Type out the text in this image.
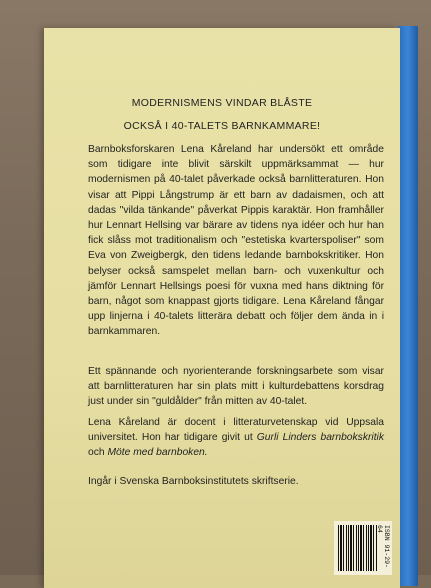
MODERNISMENS VINDAR BLÅSTE
OCKSÅ I 40-TALETS BARNKAMMARE!

Barnboksforskaren Lena Kåreland har undersökt ett område som tidigare inte blivit särskilt uppmärksammat — hur modernismen på 40-talet påverkade också barnlitteraturen. Hon visar att Pippi Långstrump är ett barn av dadaismen, och att dadas "vilda tänkande" påverkat Pippis karaktär. Hon framhåller hur Lennart Hellsing var bärare av tidens nya idéer och hur han fick slåss mot traditionalism och "estetiska kvarterspoliser" som Eva von Zweigbergk, den tidens ledande barnbokskritiker. Hon belyser också samspelet mellan barn- och vuxenkultur och jämför Lennart Hellsings poesi för vuxna med hans diktning för barn, något som knappast gjorts tidigare. Lena Kåreland fångar upp linjerna i 40-talets litterära debatt och följer dem ända in i barnkammaren.

Ett spännande och nyorienterande forskningsarbete som visar att barnlitteraturen har sin plats mitt i kulturdebattens korsdrag just under sin "guldålder" från mitten av 40-talet.

Lena Kåreland är docent i litteraturvetenskap vid Uppsala universitet. Hon har tidigare givit ut Gurli Linders barnbokskritik och Möte med barnboken.

Ingår i Svenska Barnboksinstitutets skriftserie.

ISBN 91-29-64
